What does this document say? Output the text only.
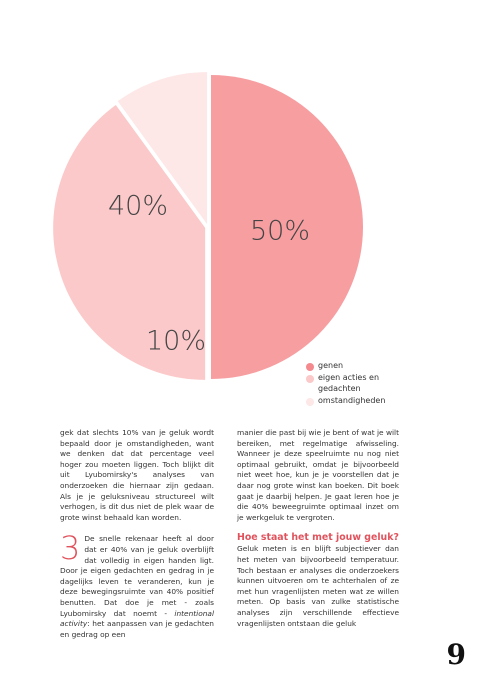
50%
40%
10%
genen
eigen acties en gedachten
omstandigheden

gek dat slechts 10% van je geluk wordt bepaald door je omstandigheden, want we denken dat dat percentage veel hoger zou moeten liggen. Toch blijkt dit uit Lyubomirsky's analyses van onderzoeken die hiernaar zijn gedaan. Als je je geluksniveau structureel wilt verhogen, is dit dus niet de plek waar de grote winst behaald kan worden.

3 De snelle rekenaar heeft al door dat er 40% van je geluk overblijft dat volledig in eigen handen ligt. Door je eigen gedachten en gedrag in je dagelijks leven te veranderen, kun je deze bewegingsruimte van 40% positief benutten. Dat doe je met - zoals Lyubomirsky dat noemt - intentional activity: het aanpassen van je gedachten en gedrag op een

manier die past bij wie je bent of wat je wilt bereiken, met regelmatige afwisseling. Wanneer je deze speelruimte nu nog niet optimaal gebruikt, omdat je bijvoorbeeld niet weet hoe, kun je je voorstellen dat je daar nog grote winst kan boeken. Dit boek gaat je daarbij helpen. Je gaat leren hoe je die 40% beweegruimte optimaal inzet om je werkgeluk te vergroten.

Hoe staat het met jouw geluk?

Geluk meten is en blijft subjectiever dan het meten van bijvoorbeeld temperatuur. Toch bestaan er analyses die onderzoekers kunnen uitvoeren om te achterhalen of ze met hun vragenlijsten meten wat ze willen meten. Op basis van zulke statistische analyses zijn verschillende effectieve vragenlijsten ontstaan die geluk

9
